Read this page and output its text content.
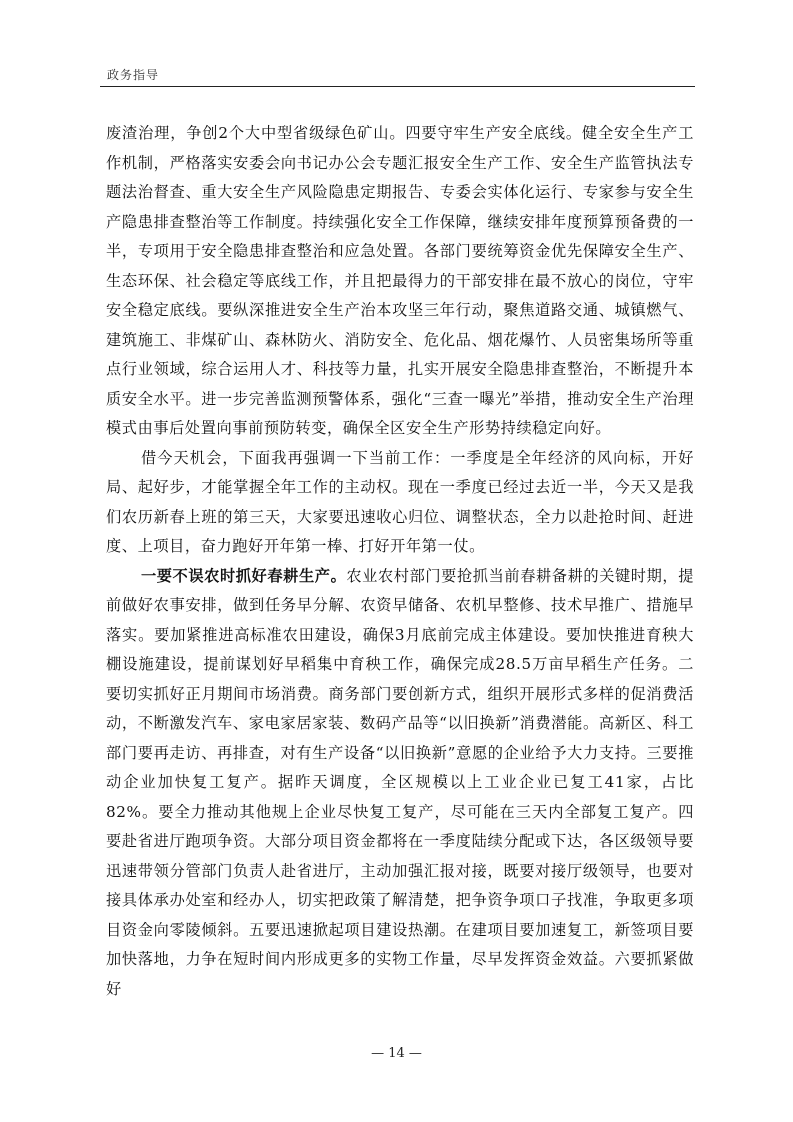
政务指导

废渣治理，争创2个大中型省级绿色矿山。四要守牢生产安全底线。健全安全生产工作机制，严格落实安委会向书记办公会专题汇报安全生产工作、安全生产监管执法专题法治督查、重大安全生产风险隐患定期报告、专委会实体化运行、专家参与安全生产隐患排查整治等工作制度。持续强化安全工作保障，继续安排年度预算预备费的一半，专项用于安全隐患排查整治和应急处置。各部门要统筹资金优先保障安全生产、生态环保、社会稳定等底线工作，并且把最得力的干部安排在最不放心的岗位，守牢安全稳定底线。要纵深推进安全生产治本攻坚三年行动，聚焦道路交通、城镇燃气、建筑施工、非煤矿山、森林防火、消防安全、危化品、烟花爆竹、人员密集场所等重点行业领域，综合运用人才、科技等力量，扎实开展安全隐患排查整治，不断提升本质安全水平。进一步完善监测预警体系，强化“三查一曝光”举措，推动安全生产治理模式由事后处置向事前预防转变，确保全区安全生产形势持续稳定向好。

借今天机会，下面我再强调一下当前工作：一季度是全年经济的风向标，开好局、起好步，才能掌握全年工作的主动权。现在一季度已经过去近一半，今天又是我们农历新春上班的第三天，大家要迅速收心归位、调整状态，全力以赴抢时间、赶进度、上项目，奋力跑好开年第一棒、打好开年第一仗。

一要不误农时抓好春耕生产。农业农村部门要抢抓当前春耕备耕的关键时期，提前做好农事安排，做到任务早分解、农资早储备、农机早整修、技术早推广、措施早落实。要加紧推进高标准农田建设，确保3月底前完成主体建设。要加快推进育秧大棚设施建设，提前谋划好早稻集中育秧工作，确保完成28.5万亩早稻生产任务。二要切实抓好正月期间市场消费。商务部门要创新方式，组织开展形式多样的促消费活动，不断激发汽车、家电家居家装、数码产品等“以旧换新”消费潜能。高新区、科工部门要再走访、再排查，对有生产设备“以旧换新”意愿的企业给予大力支持。三要推动企业加快复工复产。据昨天调度，全区规模以上工业企业已复工41家，占比82%。要全力推动其他规上企业尽快复工复产，尽可能在三天内全部复工复产。四要赴省进厅跑项争资。大部分项目资金都将在一季度陆续分配或下达，各区级领导要迅速带领分管部门负责人赴省进厅，主动加强汇报对接，既要对接厅级领导，也要对接具体承办处室和经办人，切实把政策了解清楚，把争资争项口子找准，争取更多项目资金向零陵倾斜。五要迅速掀起项目建设热潮。在建项目要加速复工，新签项目要加快落地，力争在短时间内形成更多的实物工作量，尽早发挥资金效益。六要抓紧做好

— 14 —
